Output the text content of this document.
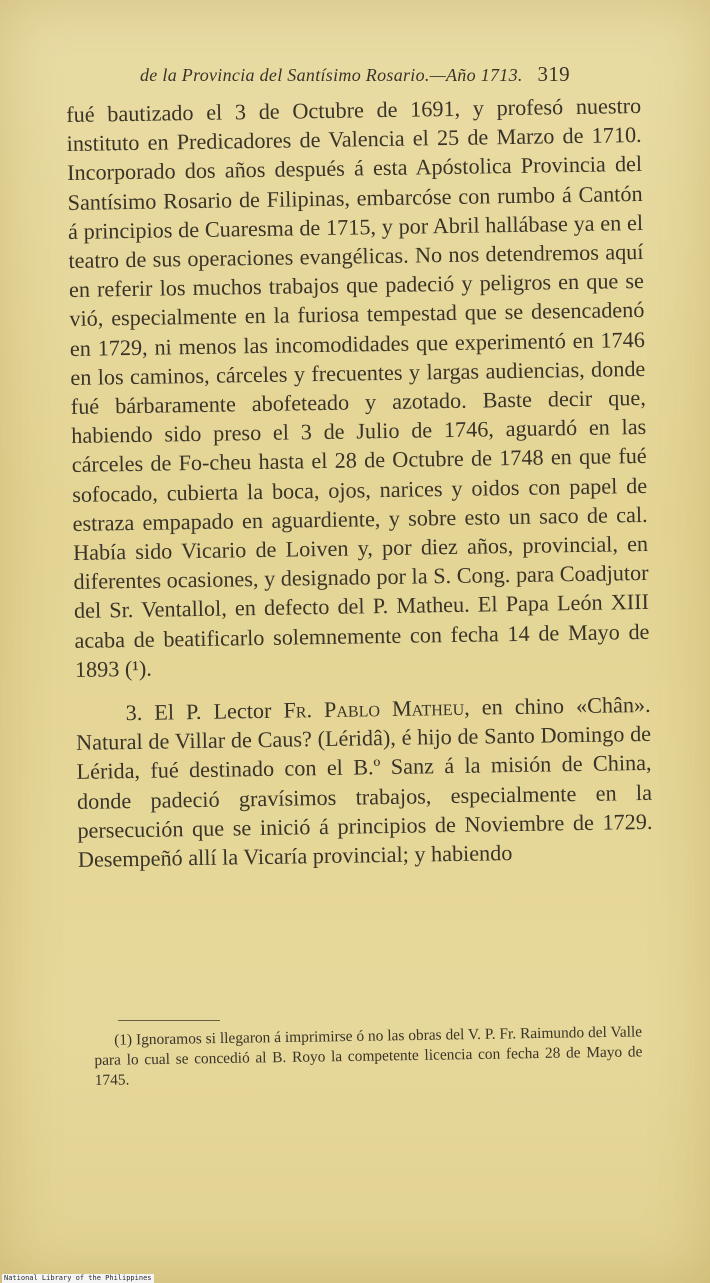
de la Provincia del Santísimo Rosario.—Año 1713. 319

fué bautizado el 3 de Octubre de 1691, y profesó nuestro instituto en Predicadores de Valencia el 25 de Marzo de 1710. Incorporado dos años después á esta Apóstolica Provincia del Santísimo Rosario de Filipinas, embarcóse con rumbo á Cantón á principios de Cuaresma de 1715, y por Abril hallábase ya en el teatro de sus operaciones evangélicas. No nos detendremos aquí en referir los muchos trabajos que padeció y peligros en que se vió, especialmente en la furiosa tempestad que se desencadenó en 1729, ni menos las incomodidades que experimentó en 1746 en los caminos, cárceles y frecuentes y largas audiencias, donde fué bárbaramente abofeteado y azotado. Baste decir que, habiendo sido preso el 3 de Julio de 1746, aguardó en las cárceles de Fo-cheu hasta el 28 de Octubre de 1748 en que fué sofocado, cubierta la boca, ojos, narices y oidos con papel de estraza empapado en aguardiente, y sobre esto un saco de cal. Había sido Vicario de Loiven y, por diez años, provincial, en diferentes ocasiones, y designado por la S. Cong. para Coadjutor del Sr. Ventallol, en defecto del P. Matheu. El Papa León XIII acaba de beatificarlo solemnemente con fecha 14 de Mayo de 1893 (¹).

3. El P. Lector Fr. Pablo Matheu, en chino «Chân». Natural de Villar de Caus? (Léridâ), é hijo de Santo Domingo de Lérida, fué destinado con el B.º Sanz á la misión de China, donde padeció gravísimos trabajos, especialmente en la persecución que se inició á principios de Noviembre de 1729. Desempeñó allí la Vicaría provincial; y habiendo

(1) Ignoramos si llegaron á imprimirse ó no las obras del V. P. Fr. Raimundo del Valle para lo cual se concedió al B. Royo la competente licencia con fecha 28 de Mayo de 1745.

National Library of the Philippines
